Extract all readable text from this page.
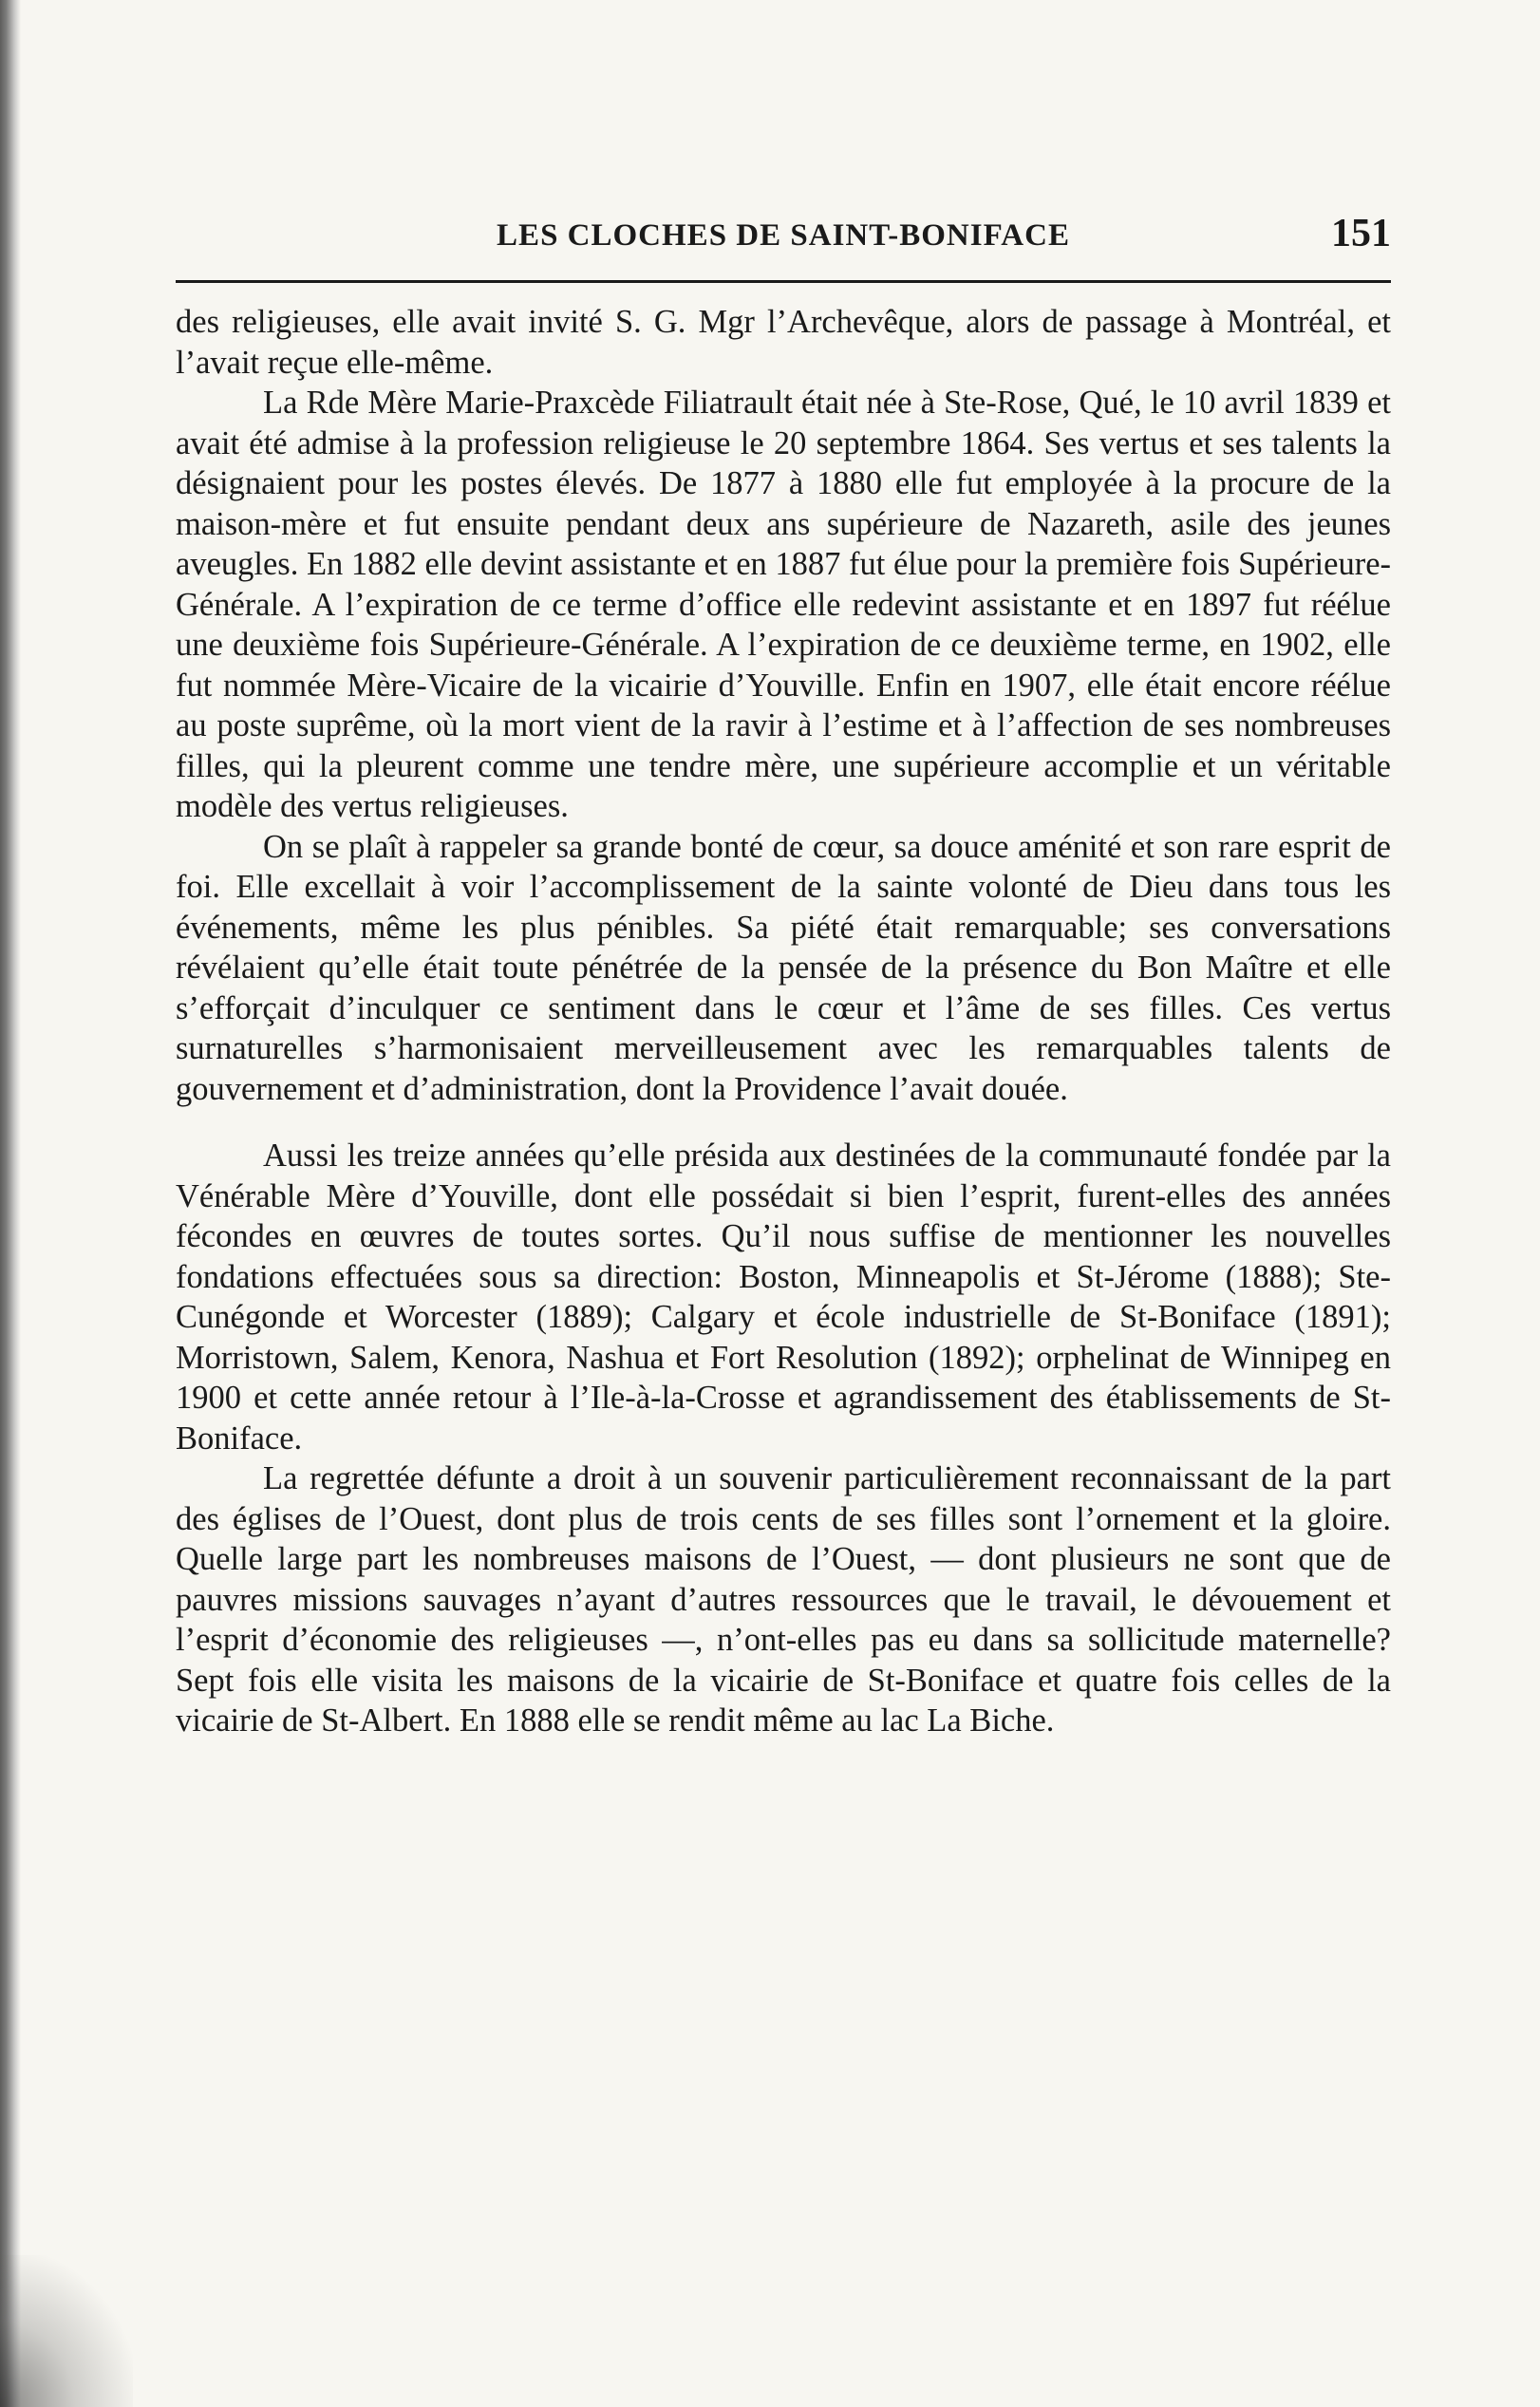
LES CLOCHES DE SAINT-BONIFACE	151

des religieuses, elle avait invité S. G. Mgr l’Archevêque, alors de passage à Montréal, et l’avait reçue elle-même.

La Rde Mère Marie-Praxcède Filiatrault était née à Ste-Rose, Qué, le 10 avril 1839 et avait été admise à la profession religieuse le 20 septembre 1864. Ses vertus et ses talents la désignaient pour les postes élevés. De 1877 à 1880 elle fut employée à la procure de la maison-mère et fut ensuite pendant deux ans supérieure de Nazareth, asile des jeunes aveugles. En 1882 elle devint assistante et en 1887 fut élue pour la première fois Supérieure-Générale. A l’expiration de ce terme d’office elle redevint assistante et en 1897 fut réélue une deuxième fois Supérieure-Générale. A l’expiration de ce deuxième terme, en 1902, elle fut nommée Mère-Vicaire de la vicairie d’Youville. Enfin en 1907, elle était encore réélue au poste suprême, où la mort vient de la ravir à l’estime et à l’affection de ses nombreuses filles, qui la pleurent comme une tendre mère, une supérieure accomplie et un véritable modèle des vertus religieuses.

On se plaît à rappeler sa grande bonté de cœur, sa douce aménité et son rare esprit de foi. Elle excellait à voir l’accomplissement de la sainte volonté de Dieu dans tous les événements, même les plus pénibles. Sa piété était remarquable; ses conversations révélaient qu’elle était toute pénétrée de la pensée de la présence du Bon Maître et elle s’efforçait d’inculquer ce sentiment dans le cœur et l’âme de ses filles. Ces vertus surnaturelles s’harmonisaient merveilleusement avec les remarquables talents de gouvernement et d’administration, dont la Providence l’avait douée.

Aussi les treize années qu’elle présida aux destinées de la communauté fondée par la Vénérable Mère d’Youville, dont elle possédait si bien l’esprit, furent-elles des années fécondes en œuvres de toutes sortes. Qu’il nous suffise de mentionner les nouvelles fondations effectuées sous sa direction: Boston, Minneapolis et St-Jérome (1888); Ste-Cunégonde et Worcester (1889); Calgary et école industrielle de St-Boniface (1891); Morristown, Salem, Kenora, Nashua et Fort Resolution (1892); orphelinat de Winnipeg en 1900 et cette année retour à l’Ile-à-la-Crosse et agrandissement des établissements de St-Boniface.

La regrettée défunte a droit à un souvenir particulièrement reconnaissant de la part des églises de l’Ouest, dont plus de trois cents de ses filles sont l’ornement et la gloire. Quelle large part les nombreuses maisons de l’Ouest, — dont plusieurs ne sont que de pauvres missions sauvages n’ayant d’autres ressources que le travail, le dévouement et l’esprit d’économie des religieuses —, n’ont-elles pas eu dans sa sollicitude maternelle? Sept fois elle visita les maisons de la vicairie de St-Boniface et quatre fois celles de la vicairie de St-Albert. En 1888 elle se rendit même au lac La Biche.
